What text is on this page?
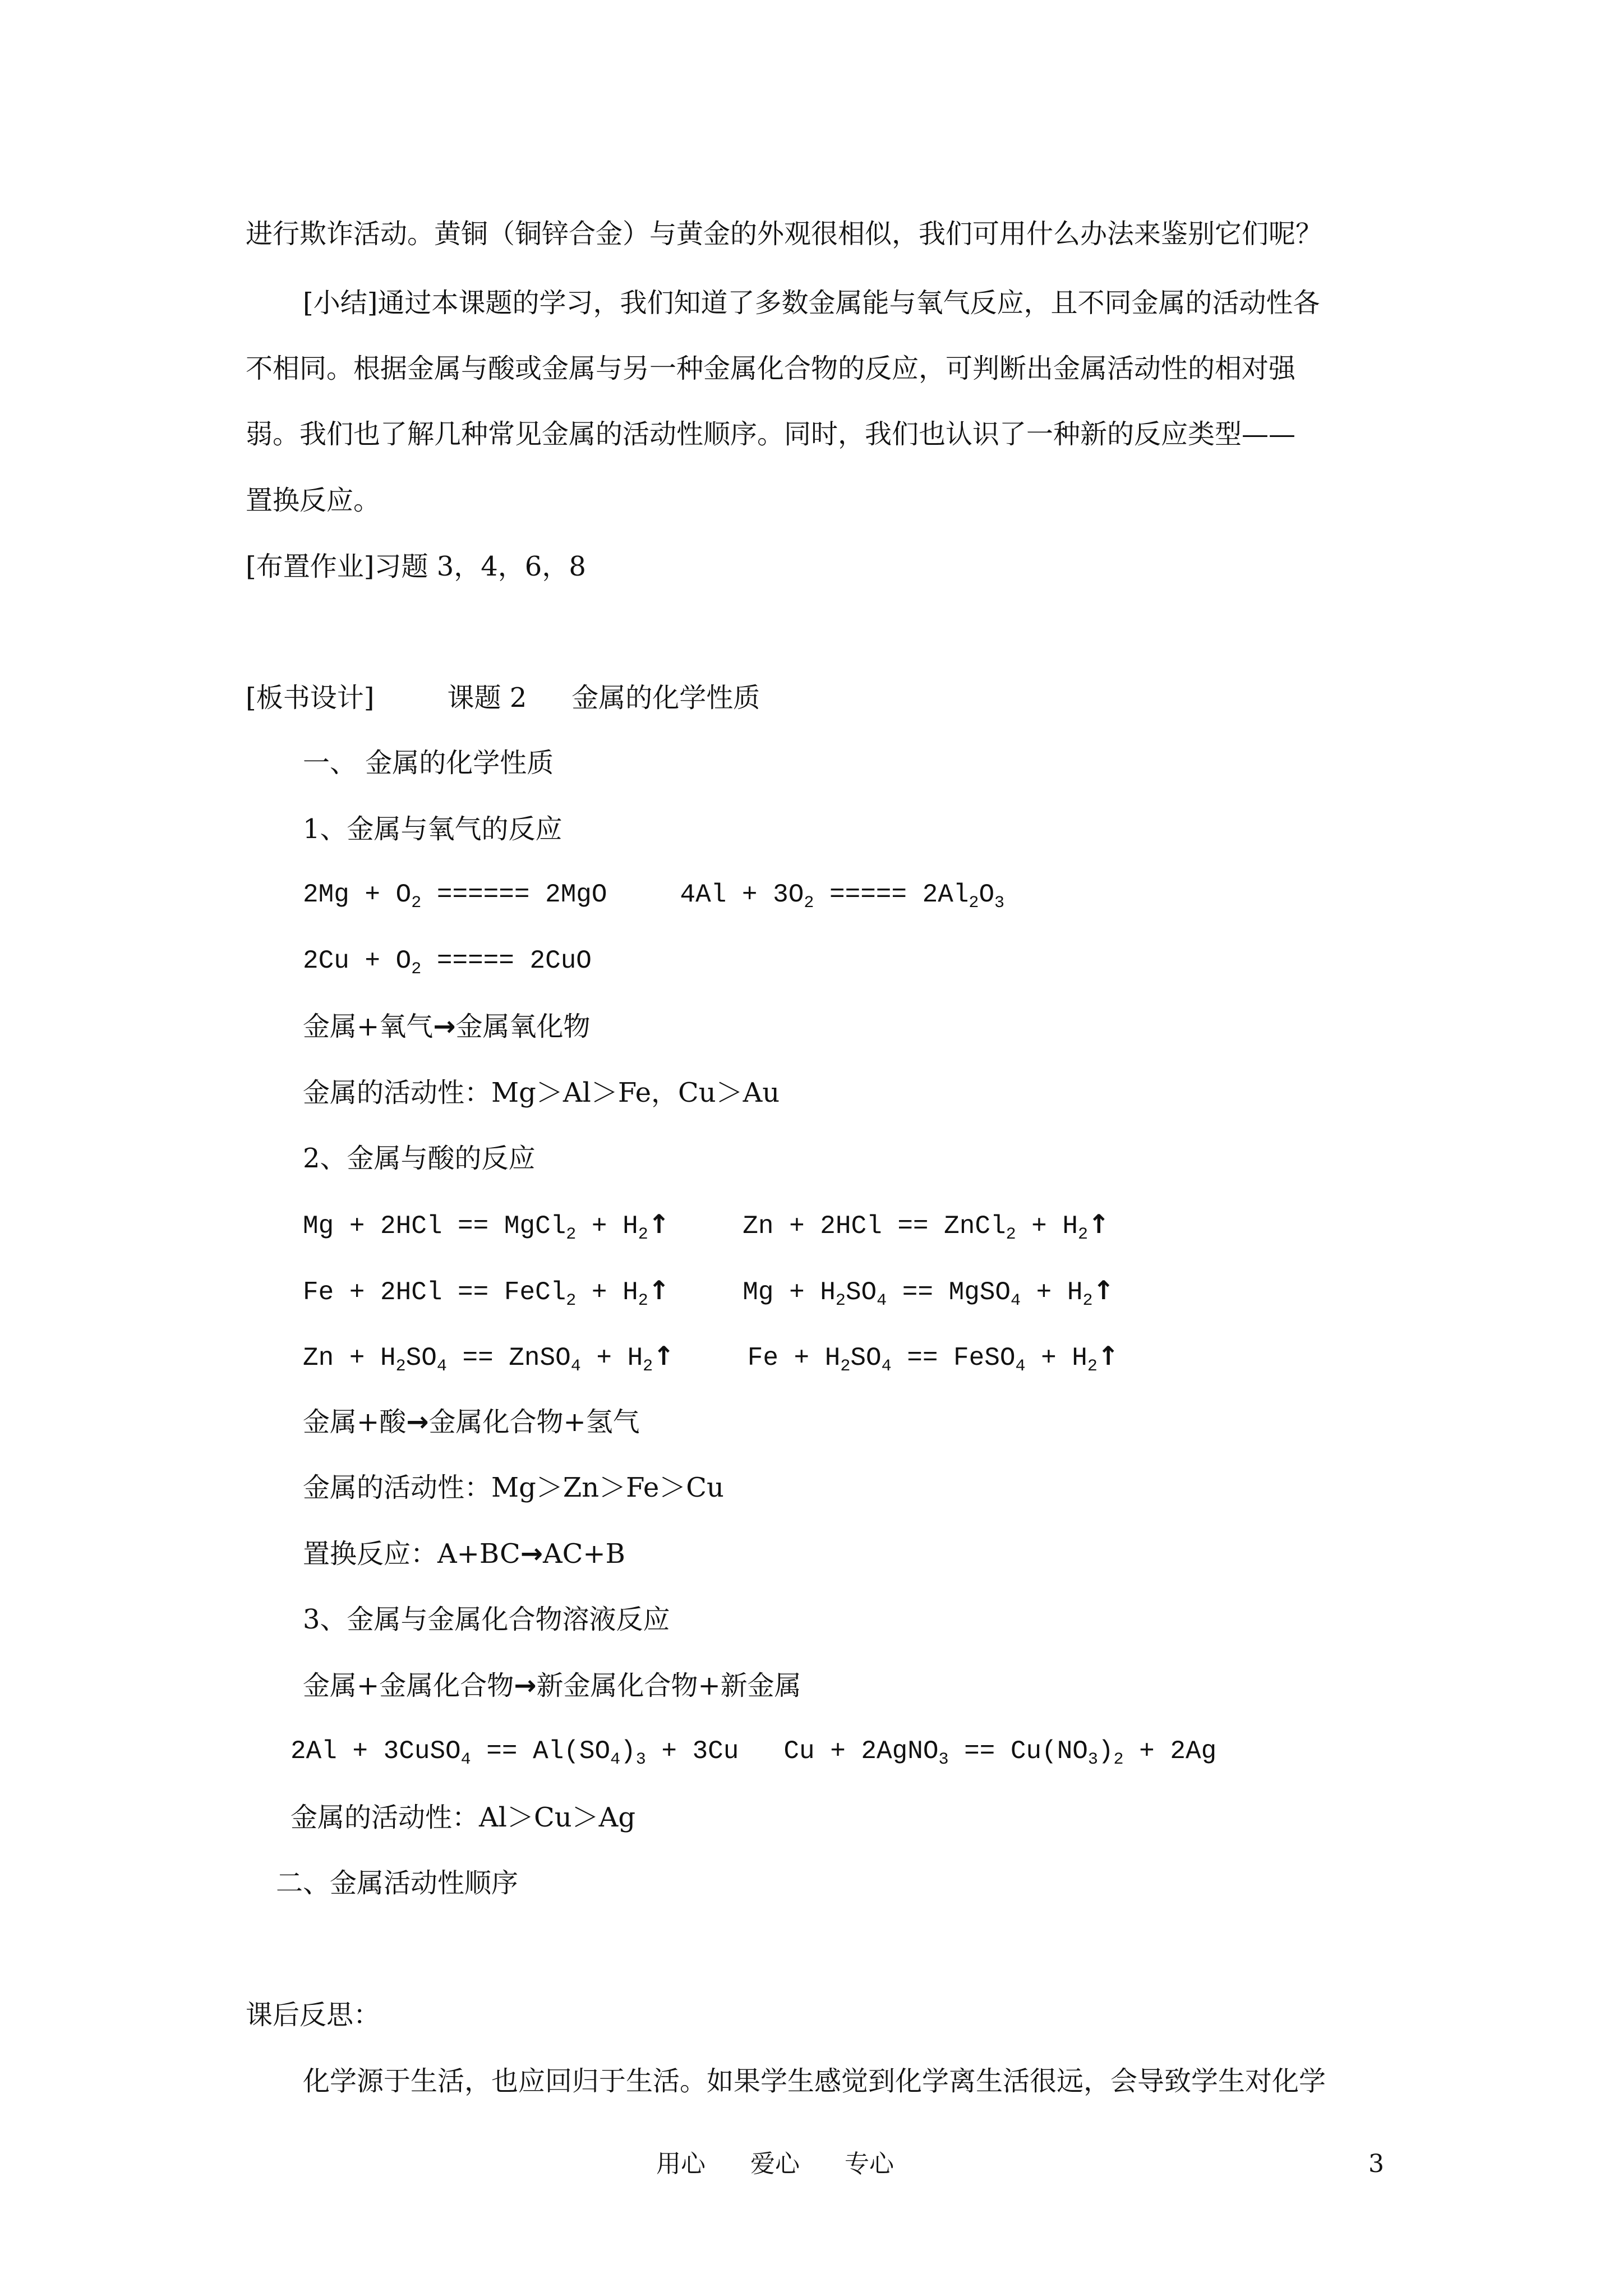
进行欺诈活动。黄铜（铜锌合金）与黄金的外观很相似，我们可用什么办法来鉴别它们呢？
[小结]通过本课题的学习，我们知道了多数金属能与氧气反应，且不同金属的活动性各
不相同。根据金属与酸或金属与另一种金属化合物的反应，可判断出金属活动性的相对强
弱。我们也了解几种常见金属的活动性顺序。同时，我们也认识了一种新的反应类型——
置换反应。
[布置作业]习题 3，4，6，8
[板书设计]	课题 2 金属的化学性质
一、 金属的化学性质
1、金属与氧气的反应
$2Mg + O_2$ ====== 2MgO	$4Al + 3O_2$ ===== $2Al_2O_3$
$2Cu + O_2$ ===== 2CuO
金属+氧气→金属氧化物
金属的活动性：Mg＞Al＞Fe，Cu＞Au
2、金属与酸的反应
Mg + 2HCl == MgCl$_2$ + $H_2↑$	Zn + 2HCl == ZnCl$_2$ + $H_2↑$
Fe + 2HCl == FeCl$_2$ + $H_2↑$	$Mg + H_2SO_4$ == MgSO$_4$ + $H_2↑$
$Zn + H_2SO_4$ == ZnSO$_4$ + $H_2↑$	$Fe + H_2SO_4$ == FeSO$_4$ + $H_2↑$
金属+酸→金属化合物+氢气
金属的活动性：Mg＞Zn＞Fe＞Cu
置换反应：A+BC→AC+B
3、金属与金属化合物溶液反应
金属+金属化合物→新金属化合物+新金属
2Al + 3CuSO$_4$ == $Al(SO_4)_3 + 3Cu$ Cu + 2AgNO$_3$ == $Cu(NO_3)_2 + 2Ag$
金属的活动性：Al＞Cu＞Ag
二、金属活动性顺序
课后反思：
化学源于生活，也应回归于生活。如果学生感觉到化学离生活很远，会导致学生对化学
用心 爱心 专心	3
